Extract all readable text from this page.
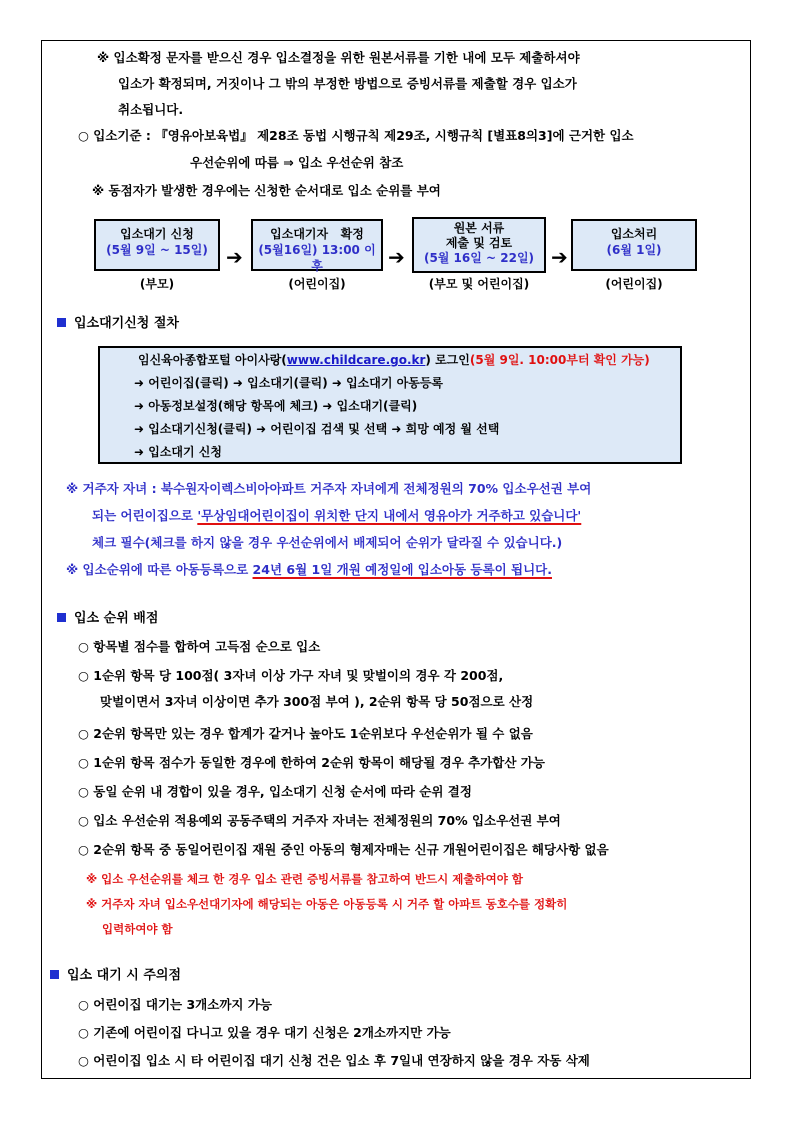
※ 입소확정 문자를 받으신 경우 입소결정을 위한 원본서류를 기한 내에 모두 제출하셔야
입소가 확정되며, 거짓이나 그 밖의 부정한 방법으로 증빙서류를 제출할 경우 입소가
취소됩니다.
○ 입소기준 : 『영유아보육법』 제28조 동법 시행규칙 제29조, 시행규칙 [별표8의3]에 근거한 입소
우선순위에 따름 ⇒ 입소 우선순위 참조
※ 동점자가 발생한 경우에는 신청한 순서대로 입소 순위를 부여
입소대기 신청
(5월 9일 ~ 15일) ➔
입소대기자   확정
(5월16일) 13:00 이후	➔
원본 서류
제출 및 검토
(5월 16일 ~ 22일) ➔
입소처리
(6월 1일)
(부모)	(어린이집)	(부모 및 어린이집)	(어린이집)
입소대기신청 절차
임신육아종합포털 아이사랑(www.childcare.go.kr) 로그인(5월 9일. 10:00부터 확인 가능)
➜ 어린이집(클릭) ➜ 입소대기(클릭) ➜ 입소대기 아동등록
➜ 아동정보설정(해당 항목에 체크) ➜ 입소대기(클릭)
➜ 입소대기신청(클릭) ➜ 어린이집 검색 및 선택 ➜ 희망 예정 월 선택
➜ 입소대기 신청
※ 거주자 자녀 : 북수원자이렉스비아아파트 거주자 자녀에게 전체정원의 70% 입소우선권 부여
되는 어린이집으로 '무상임대어린이집이 위치한 단지 내에서 영유아가 거주하고 있습니다'
체크 필수(체크를 하지 않을 경우 우선순위에서 배제되어 순위가 달라질 수 있습니다.)
※ 입소순위에 따른 아동등록으로 24년 6월 1일 개원 예정일에 입소아동 등록이 됩니다.
입소 순위 배점
○ 항목별 점수를 합하여 고득점 순으로 입소
○ 1순위 항목 당 100점( 3자녀 이상 가구 자녀 및 맞벌이의 경우 각 200점,
맞벌이면서 3자녀 이상이면 추가 300점 부여 ), 2순위 항목 당 50점으로 산정
○ 2순위 항목만 있는 경우 합계가 같거나 높아도 1순위보다 우선순위가 될 수 없음
○ 1순위 항목 점수가 동일한 경우에 한하여 2순위 항목이 해당될 경우 추가합산 가능
○ 동일 순위 내 경합이 있을 경우, 입소대기 신청 순서에 따라 순위 결정
○ 입소 우선순위 적용예외 공동주택의 거주자 자녀는 전체정원의 70% 입소우선권 부여
○ 2순위 항목 중 동일어린이집 재원 중인 아동의 형제자매는 신규 개원어린이집은 해당사항 없음
※ 입소 우선순위를 체크 한 경우 입소 관련 증빙서류를 참고하여 반드시 제출하여야 함
※ 거주자 자녀 입소우선대기자에 해당되는 아동은 아동등록 시 거주 할 아파트 동호수를 정확히
입력하여야 함
입소 대기 시 주의점
○ 어린이집 대기는 3개소까지 가능
○ 기존에 어린이집 다니고 있을 경우 대기 신청은 2개소까지만 가능
○ 어린이집 입소 시 타 어린이집 대기 신청 건은 입소 후 7일내 연장하지 않을 경우 자동 삭제
